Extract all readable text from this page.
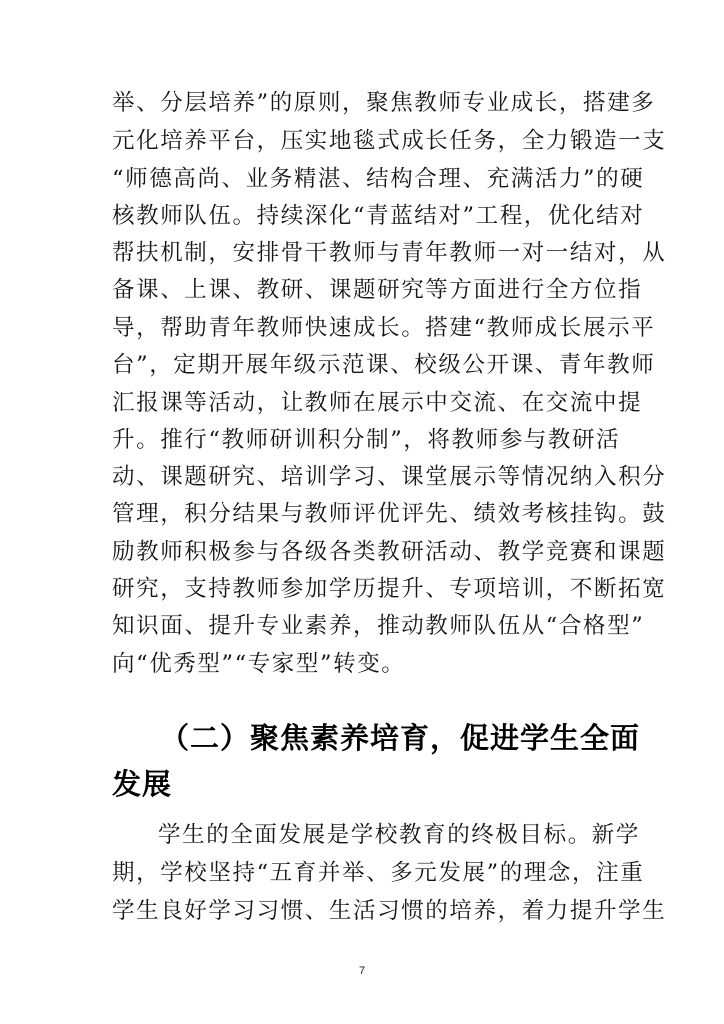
举、分层培养”的原则，聚焦教师专业成长，搭建多
元化培养平台，压实地毯式成长任务，全力锻造一支
“师德高尚、业务精湛、结构合理、充满活力”的硬
核教师队伍。持续深化“青蓝结对”工程，优化结对
帮扶机制，安排骨干教师与青年教师一对一结对，从
备课、上课、教研、课题研究等方面进行全方位指
导，帮助青年教师快速成长。搭建“教师成长展示平
台”，定期开展年级示范课、校级公开课、青年教师
汇报课等活动，让教师在展示中交流、在交流中提
升。推行“教师研训积分制”，将教师参与教研活
动、课题研究、培训学习、课堂展示等情况纳入积分
管理，积分结果与教师评优评先、绩效考核挂钩。鼓
励教师积极参与各级各类教研活动、教学竞赛和课题
研究，支持教师参加学历提升、专项培训，不断拓宽
知识面、提升专业素养，推动教师队伍从“合格型”
向“优秀型”“专家型”转变。
（二）聚焦素养培育，促进学生全面
发展
学生的全面发展是学校教育的终极目标。新学
期，学校坚持“五育并举、多元发展”的理念，注重
学生良好学习习惯、生活习惯的培养，着力提升学生
7
